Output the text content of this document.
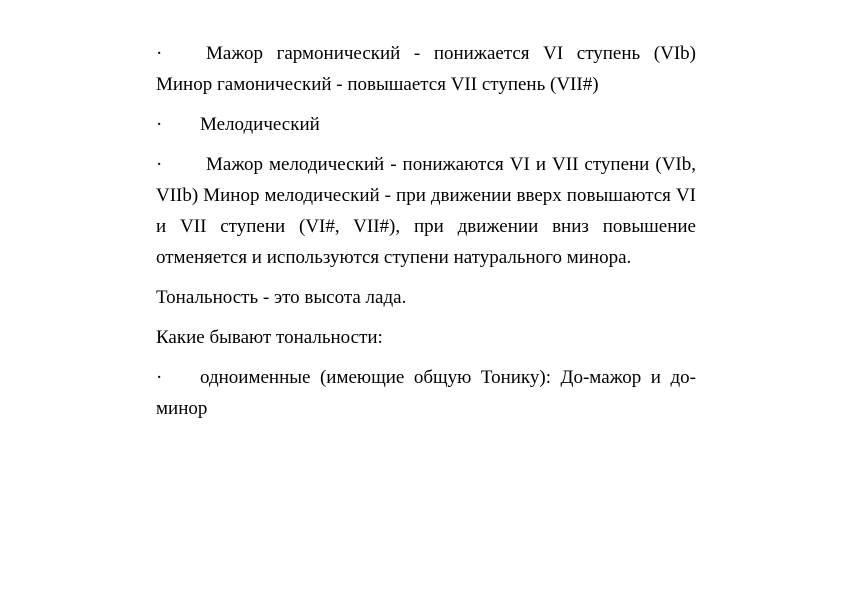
· Мажор гармонический - понижается VI ступень (VIb) Минор гамонический - повышается VII ступень (VII#)

· Мелодический

· Мажор мелодический - понижаются VI и VII ступени (VIb, VIIb) Минор мелодический - при движении вверх повышаются VI и VII ступени (VI#, VII#), при движении вниз повышение отменяется и используются ступени натурального минора.

Тональность - это высота лада.

Какие бывают тональности:

· одноименные (имеющие общую Тонику): До-мажор и до-минор
